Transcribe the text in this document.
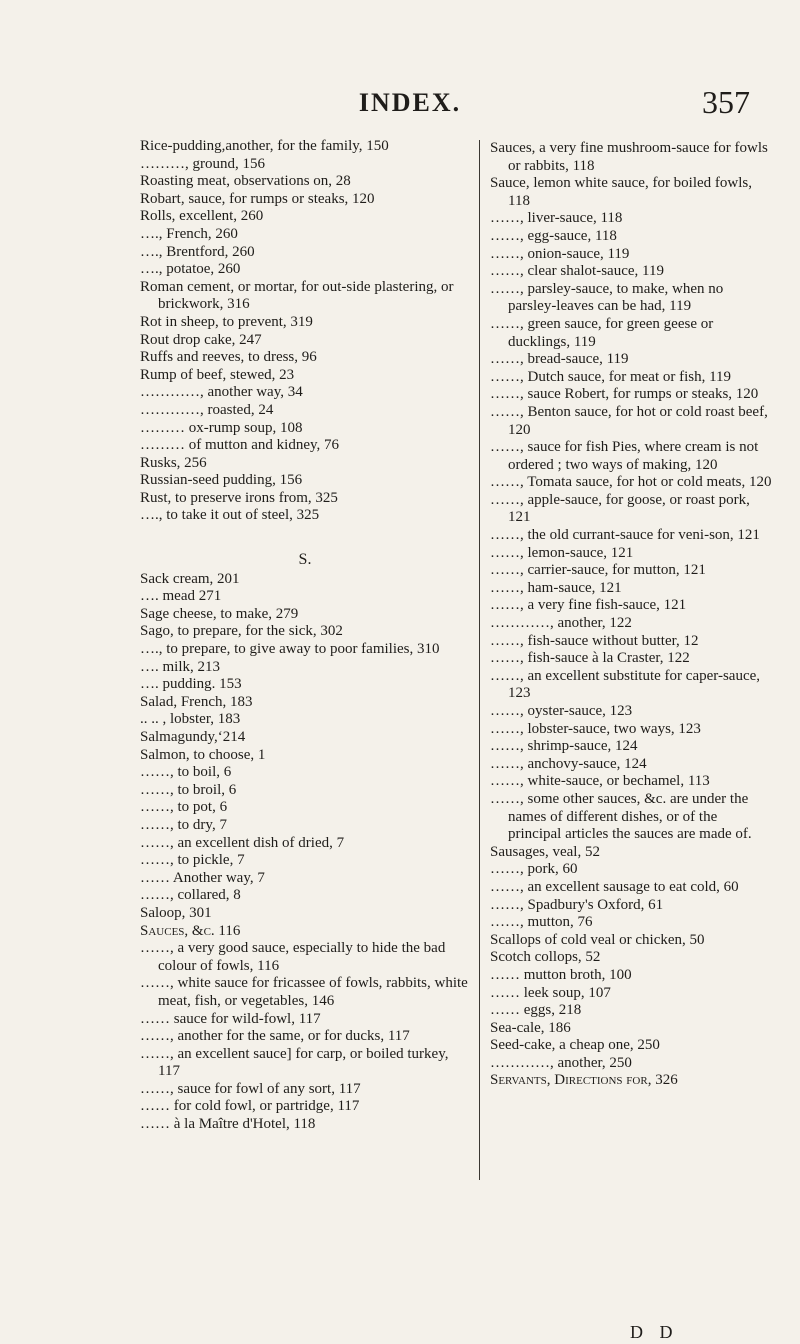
INDEX.	357

Rice-pudding,another, for the family, 150

………, ground, 156

Roasting meat, observations on, 28

Robart, sauce, for rumps or steaks, 120

Rolls, excellent, 260

…., French, 260

…., Brentford, 260

…., potatoe, 260

Roman cement, or mortar, for out-side plastering, or brickwork, 316

Rot in sheep, to prevent, 319

Rout drop cake, 247

Ruffs and reeves, to dress, 96

Rump of beef, stewed, 23

…………, another way, 34

…………, roasted, 24

……… ox-rump soup, 108

……… of mutton and kidney, 76

Rusks, 256

Russian-seed pudding, 156

Rust, to preserve irons from, 325

…., to take it out of steel, 325

S.

Sack cream, 201

…. mead 271

Sage cheese, to make, 279

Sago, to prepare, for the sick, 302

…., to prepare, to give away to poor families, 310

…. milk, 213

…. pudding. 153

Salad, French, 183

.. .. , lobster, 183

Salmagundy,‘214

Salmon, to choose, 1

……, to boil, 6

……, to broil, 6

……, to pot, 6

……, to dry, 7

……, an excellent dish of dried, 7

……, to pickle, 7

…… Another way, 7

……, collared, 8

Saloop, 301

Sauces, &c. 116

……, a very good sauce, especially to hide the bad colour of fowls, 116

……, white sauce for fricassee of fowls, rabbits, white meat, fish, or vegetables, 146

…… sauce for wild-fowl, 117

……, another for the same, or for ducks, 117

……, an excellent sauce] for carp, or boiled turkey, 117

……, sauce for fowl of any sort, 117

…… for cold fowl, or partridge, 117

…… à la Maître d'Hotel, 118

Sauces, a very fine mushroom-sauce for fowls or rabbits, 118

Sauce, lemon white sauce, for boiled fowls, 118

……, liver-sauce, 118

……, egg-sauce, 118

……, onion-sauce, 119

……, clear shalot-sauce, 119

……, parsley-sauce, to make, when no parsley-leaves can be had, 119

……, green sauce, for green geese or ducklings, 119

……, bread-sauce, 119

……, Dutch sauce, for meat or fish, 119

……, sauce Robert, for rumps or steaks, 120

……, Benton sauce, for hot or cold roast beef, 120

……, sauce for fish Pies, where cream is not ordered ; two ways of making, 120

……, Tomata sauce, for hot or cold meats, 120

……, apple-sauce, for goose, or roast pork, 121

……, the old currant-sauce for veni-son, 121

……, lemon-sauce, 121

……, carrier-sauce, for mutton, 121

……, ham-sauce, 121

……, a very fine fish-sauce, 121

…………, another, 122

……, fish-sauce without butter, 12

……, fish-sauce à la Craster, 122

……, an excellent substitute for caper-sauce, 123

……, oyster-sauce, 123

……, lobster-sauce, two ways, 123

……, shrimp-sauce, 124

……, anchovy-sauce, 124

……, white-sauce, or bechamel, 113

……, some other sauces, &c. are under the names of different dishes, or of the principal articles the sauces are made of.

Sausages, veal, 52

……, pork, 60

……, an excellent sausage to eat cold, 60

……, Spadbury's Oxford, 61

……, mutton, 76

Scallops of cold veal or chicken, 50

Scotch collops, 52

…… mutton broth, 100

…… leek soup, 107

…… eggs, 218

Sea-cale, 186

Seed-cake, a cheap one, 250

…………, another, 250

Servants, Directions for, 326

D D
